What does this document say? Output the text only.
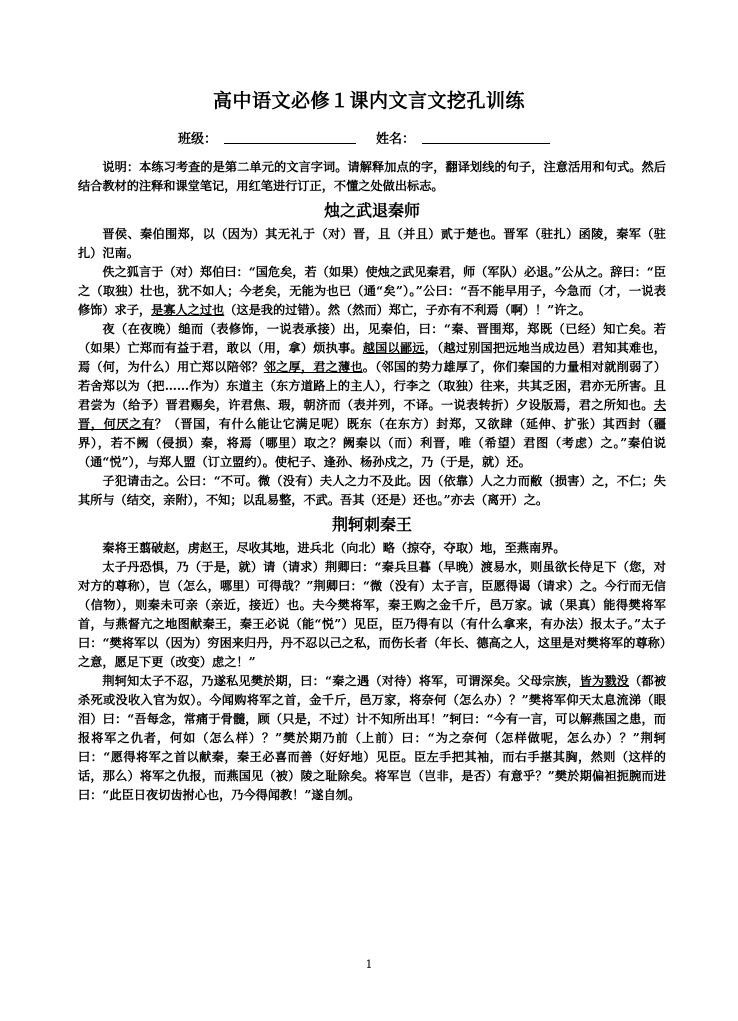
高中语文必修１课内文言文挖孔训练
班级：	姓名：

说明：本练习考查的是第二单元的文言字词。请解释加点的字，翻译划线的句子，注意活用和句式。然后结合教材的注释和课堂笔记，用红笔进行订正，不懂之处做出标志。

烛之武退秦师

晋侯、秦伯围郑，以（因为）其无礼于（对）晋，且（并且）贰于楚也。晋军（驻扎）函陵，秦军（驻扎）氾南。

佚之狐言于（对）郑伯曰：“国危矣，若（如果）使烛之武见秦君，师（军队）必退。”公从之。辞曰：“臣之（取独）壮也，犹不如人；今老矣，无能为也已（通“矣”）。”公曰：“吾不能早用子，今急而（才，一说表修饰）求子，是寡人之过也（这是我的过错）。然（然而）郑亡，子亦有不利焉（啊）！”许之。

夜（在夜晚）缒而（表修饰，一说表承接）出，见秦伯，曰：“秦、晋围郑，郑既（已经）知亡矣。若（如果）亡郑而有益于君，敢以（用，拿）烦执事。越国以鄙远，（越过别国把远地当成边邑）君知其难也，焉（何，为什么）用亡郑以陪邻？邻之厚，君之薄也。（邻国的势力雄厚了，你们秦国的力量相对就削弱了）若舍郑以为（把……作为）东道主（东方道路上的主人），行李之（取独）往来，共其乏困，君亦无所害。且君尝为（给予）晋君赐矣，许君焦、瑕，朝济而（表并列，不译。一说表转折）夕设版焉，君之所知也。夫晋，何厌之有？（晋国，有什么能让它满足呢）既东（在东方）封郑，又欲肆（延伸、扩张）其西封（疆界），若不阙（侵损）秦，将焉（哪里）取之？阙秦以（而）利晋，唯（希望）君图（考虑）之。”秦伯说（通“悦”），与郑人盟（订立盟约）。使杞子、逢孙、杨孙戍之，乃（于是，就）还。

子犯请击之。公曰：“不可。微（没有）夫人之力不及此。因（依靠）人之力而敝（损害）之，不仁；失其所与（结交，亲附），不知；以乱易整，不武。吾其（还是）还也。”亦去（离开）之。

荆轲刺秦王

秦将王翦破赵，虏赵王，尽收其地，进兵北（向北）略（掠夺，夺取）地，至燕南界。

太子丹恐惧，乃（于是，就）请（请求）荆卿曰：“秦兵旦暮（早晚）渡易水，则虽欲长侍足下（您，对对方的尊称），岂（怎么，哪里）可得哉？”荆卿曰：“微（没有）太子言，臣愿得谒（请求）之。今行而无信（信物），则秦未可亲（亲近，接近）也。夫今樊将军，秦王购之金千斤，邑万家。诚（果真）能得樊将军首，与燕督亢之地图献秦王，秦王必说（能“悦”）见臣，臣乃得有以（有什么拿来，有办法）报太子。”太子曰：“樊将军以（因为）穷困来归丹，丹不忍以己之私，而伤长者（年长、德高之人，这里是对樊将军的尊称）之意，愿足下更（改变）虑之！”

荆轲知太子不忍，乃遂私见樊於期，曰：“秦之遇（对待）将军，可谓深矣。父母宗族，皆为戮没（都被杀死或没收入官为奴）。今闻购将军之首，金千斤，邑万家，将奈何（怎么办）？”樊将军仰天太息流涕（眼泪）曰：“吾每念，常痛于骨髓，顾（只是，不过）计不知所出耳！”轲曰：“今有一言，可以解燕国之患，而报将军之仇者，何如（怎么样）？”樊於期乃前（上前）曰：“为之奈何（怎样做呢，怎么办）？”荆轲曰：“愿得将军之首以献秦，秦王必喜而善（好好地）见臣。臣左手把其袖，而右手揕其胸，然则（这样的话，那么）将军之仇报，而燕国见（被）陵之耻除矣。将军岂（岂非，是否）有意乎？”樊於期偏袒扼腕而进曰：“此臣日夜切齿拊心也，乃今得闻教！”遂自刎。

1
